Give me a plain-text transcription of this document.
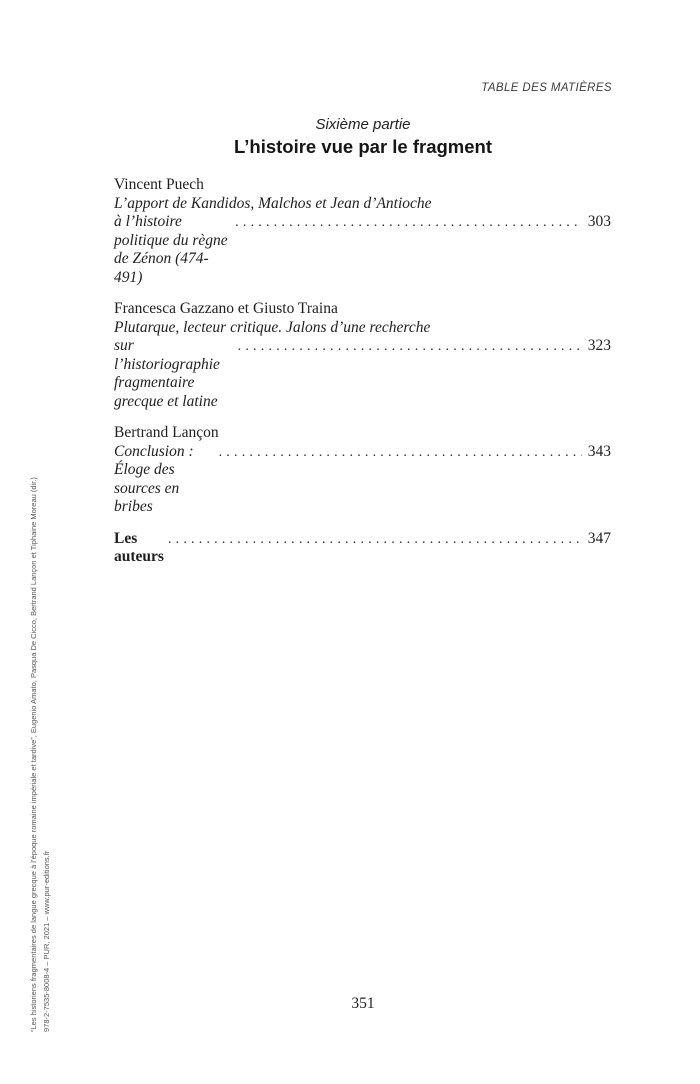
TABLE DES MATIÈRES
Sixième partie
L’histoire vue par le fragment
Vincent Puech
L’apport de Kandidos, Malchos et Jean d’Antioche
à l’histoire politique du règne de Zénon (474-491)
.....
303
Francesca Gazzano et Giusto Traina
Plutarque, lecteur critique. Jalons d’une recherche
sur l’historiographie fragmentaire grecque et latine
.....
323
Bertrand Lançon
Conclusion : Éloge des sources en bribes
.....
343
Les auteurs
.....
347
351
“Les historiens fragmentaires de langue grecque à l’époque romaine impériale et tardive”, Eugenio Amato, Pasqua De Cicco, Bertrand Lançon et Tiphaine Moreau (dir.) 978-2-7535-8008-4 – PUR, 2021 – www.pur-editions.fr
